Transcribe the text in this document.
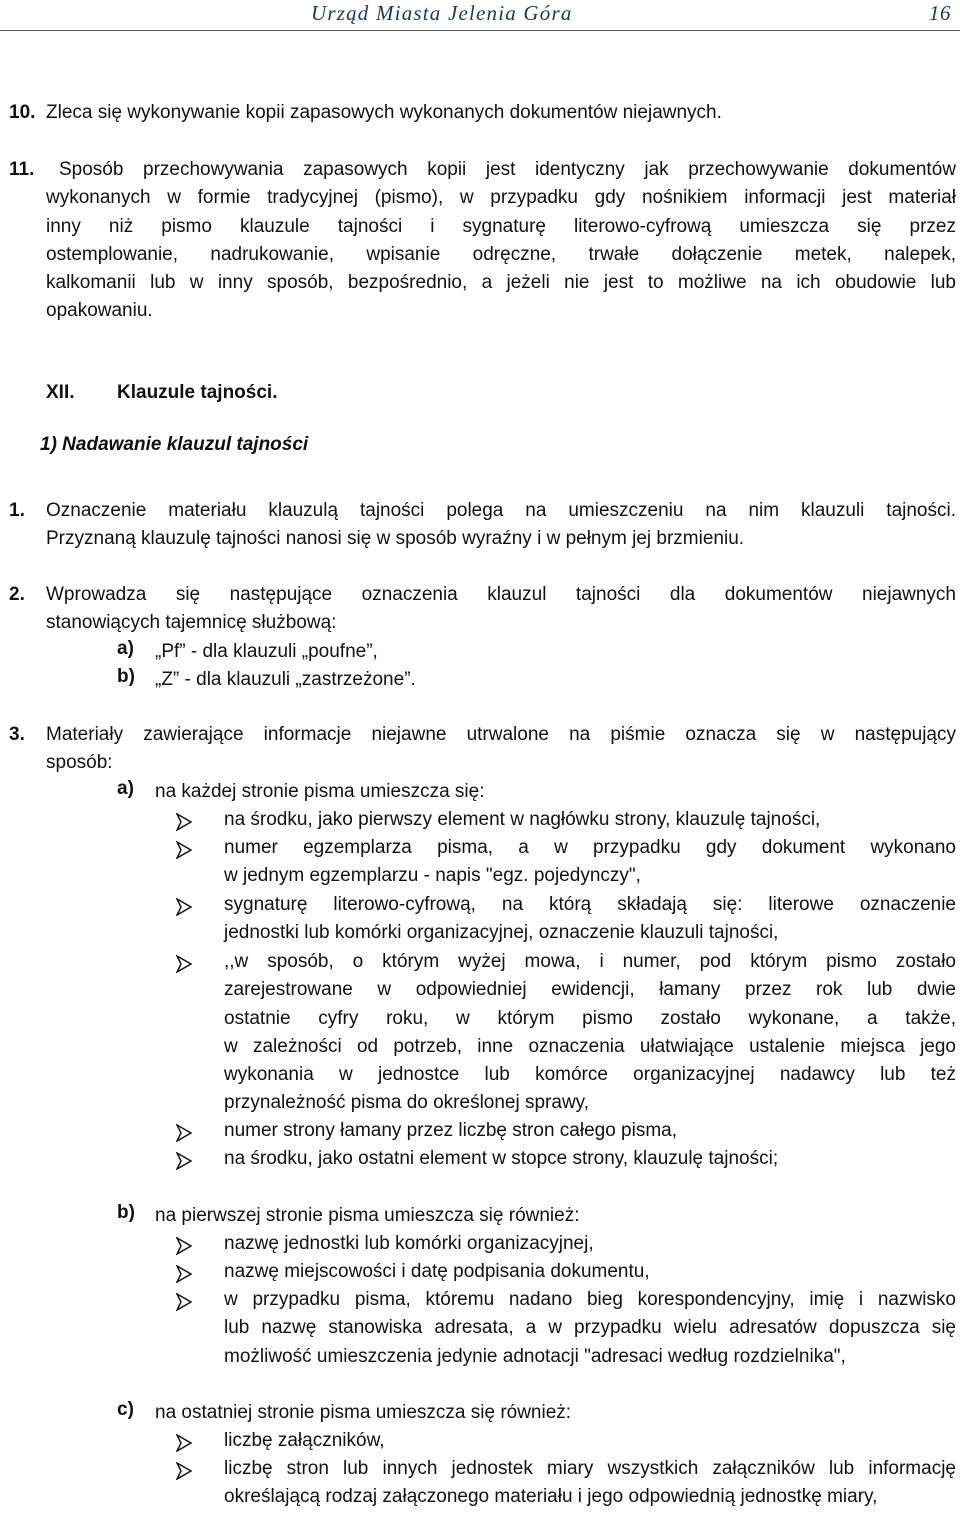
Urząd Miasta Jelenia Góra	16
10. Zleca się wykonywanie kopii zapasowych wykonanych dokumentów niejawnych.
11.	Sposób przechowywania zapasowych kopii jest identyczny jak przechowywanie dokumentów
wykonanych w formie tradycyjnej (pismo), w przypadku gdy nośnikiem informacji jest materiał
inny niż pismo klauzule tajności i sygnaturę literowo-cyfrową umieszcza się przez
ostemplowanie, nadrukowanie, wpisanie odręczne, trwałe dołączenie metek, nalepek,
kalkomanii lub w inny sposób, bezpośrednio, a jeżeli nie jest to możliwe na ich obudowie lub
opakowaniu.
XII. Klauzule tajności.
1) Nadawanie klauzul tajności
1. Oznaczenie materiału klauzulą tajności polega na umieszczeniu na nim klauzuli tajności.
Przyznaną klauzulę tajności nanosi się w sposób wyraźny i w pełnym jej brzmieniu.
2. Wprowadza się następujące oznaczenia klauzul tajności dla dokumentów niejawnych
stanowiących tajemnicę służbową:
a) „Pf” - dla klauzuli „poufne”,
b) „Z” - dla klauzuli „zastrzeżone”.
3. Materiały zawierające informacje niejawne utrwalone na piśmie oznacza się w następujący
sposób:
a) na każdej stronie pisma umieszcza się:
na środku, jako pierwszy element w nagłówku strony, klauzulę tajności,
numer egzemplarza pisma, a w przypadku gdy dokument wykonano
w jednym egzemplarzu - napis "egz. pojedynczy",
sygnaturę literowo-cyfrową, na którą składają się: literowe oznaczenie
jednostki lub komórki organizacyjnej, oznaczenie klauzuli tajności,
,,w sposób, o którym wyżej mowa, i numer, pod którym pismo zostało
zarejestrowane w odpowiedniej ewidencji, łamany przez rok lub dwie
ostatnie cyfry roku, w którym pismo zostało wykonane, a także,
w zależności od potrzeb, inne oznaczenia ułatwiające ustalenie miejsca jego
wykonania w jednostce lub komórce organizacyjnej nadawcy lub też
przynależność pisma do określonej sprawy,
numer strony łamany przez liczbę stron całego pisma,
na środku, jako ostatni element w stopce strony, klauzulę tajności;
b) na pierwszej stronie pisma umieszcza się również:
nazwę jednostki lub komórki organizacyjnej,
nazwę miejscowości i datę podpisania dokumentu,
w przypadku pisma, któremu nadano bieg korespondencyjny, imię i nazwisko
lub nazwę stanowiska adresata, a w przypadku wielu adresatów dopuszcza się
możliwość umieszczenia jedynie adnotacji "adresaci według rozdzielnika",
c) na ostatniej stronie pisma umieszcza się również:
liczbę załączników,
liczbę stron lub innych jednostek miary wszystkich załączników lub informację
określającą rodzaj załączonego materiału i jego odpowiednią jednostkę miary,
